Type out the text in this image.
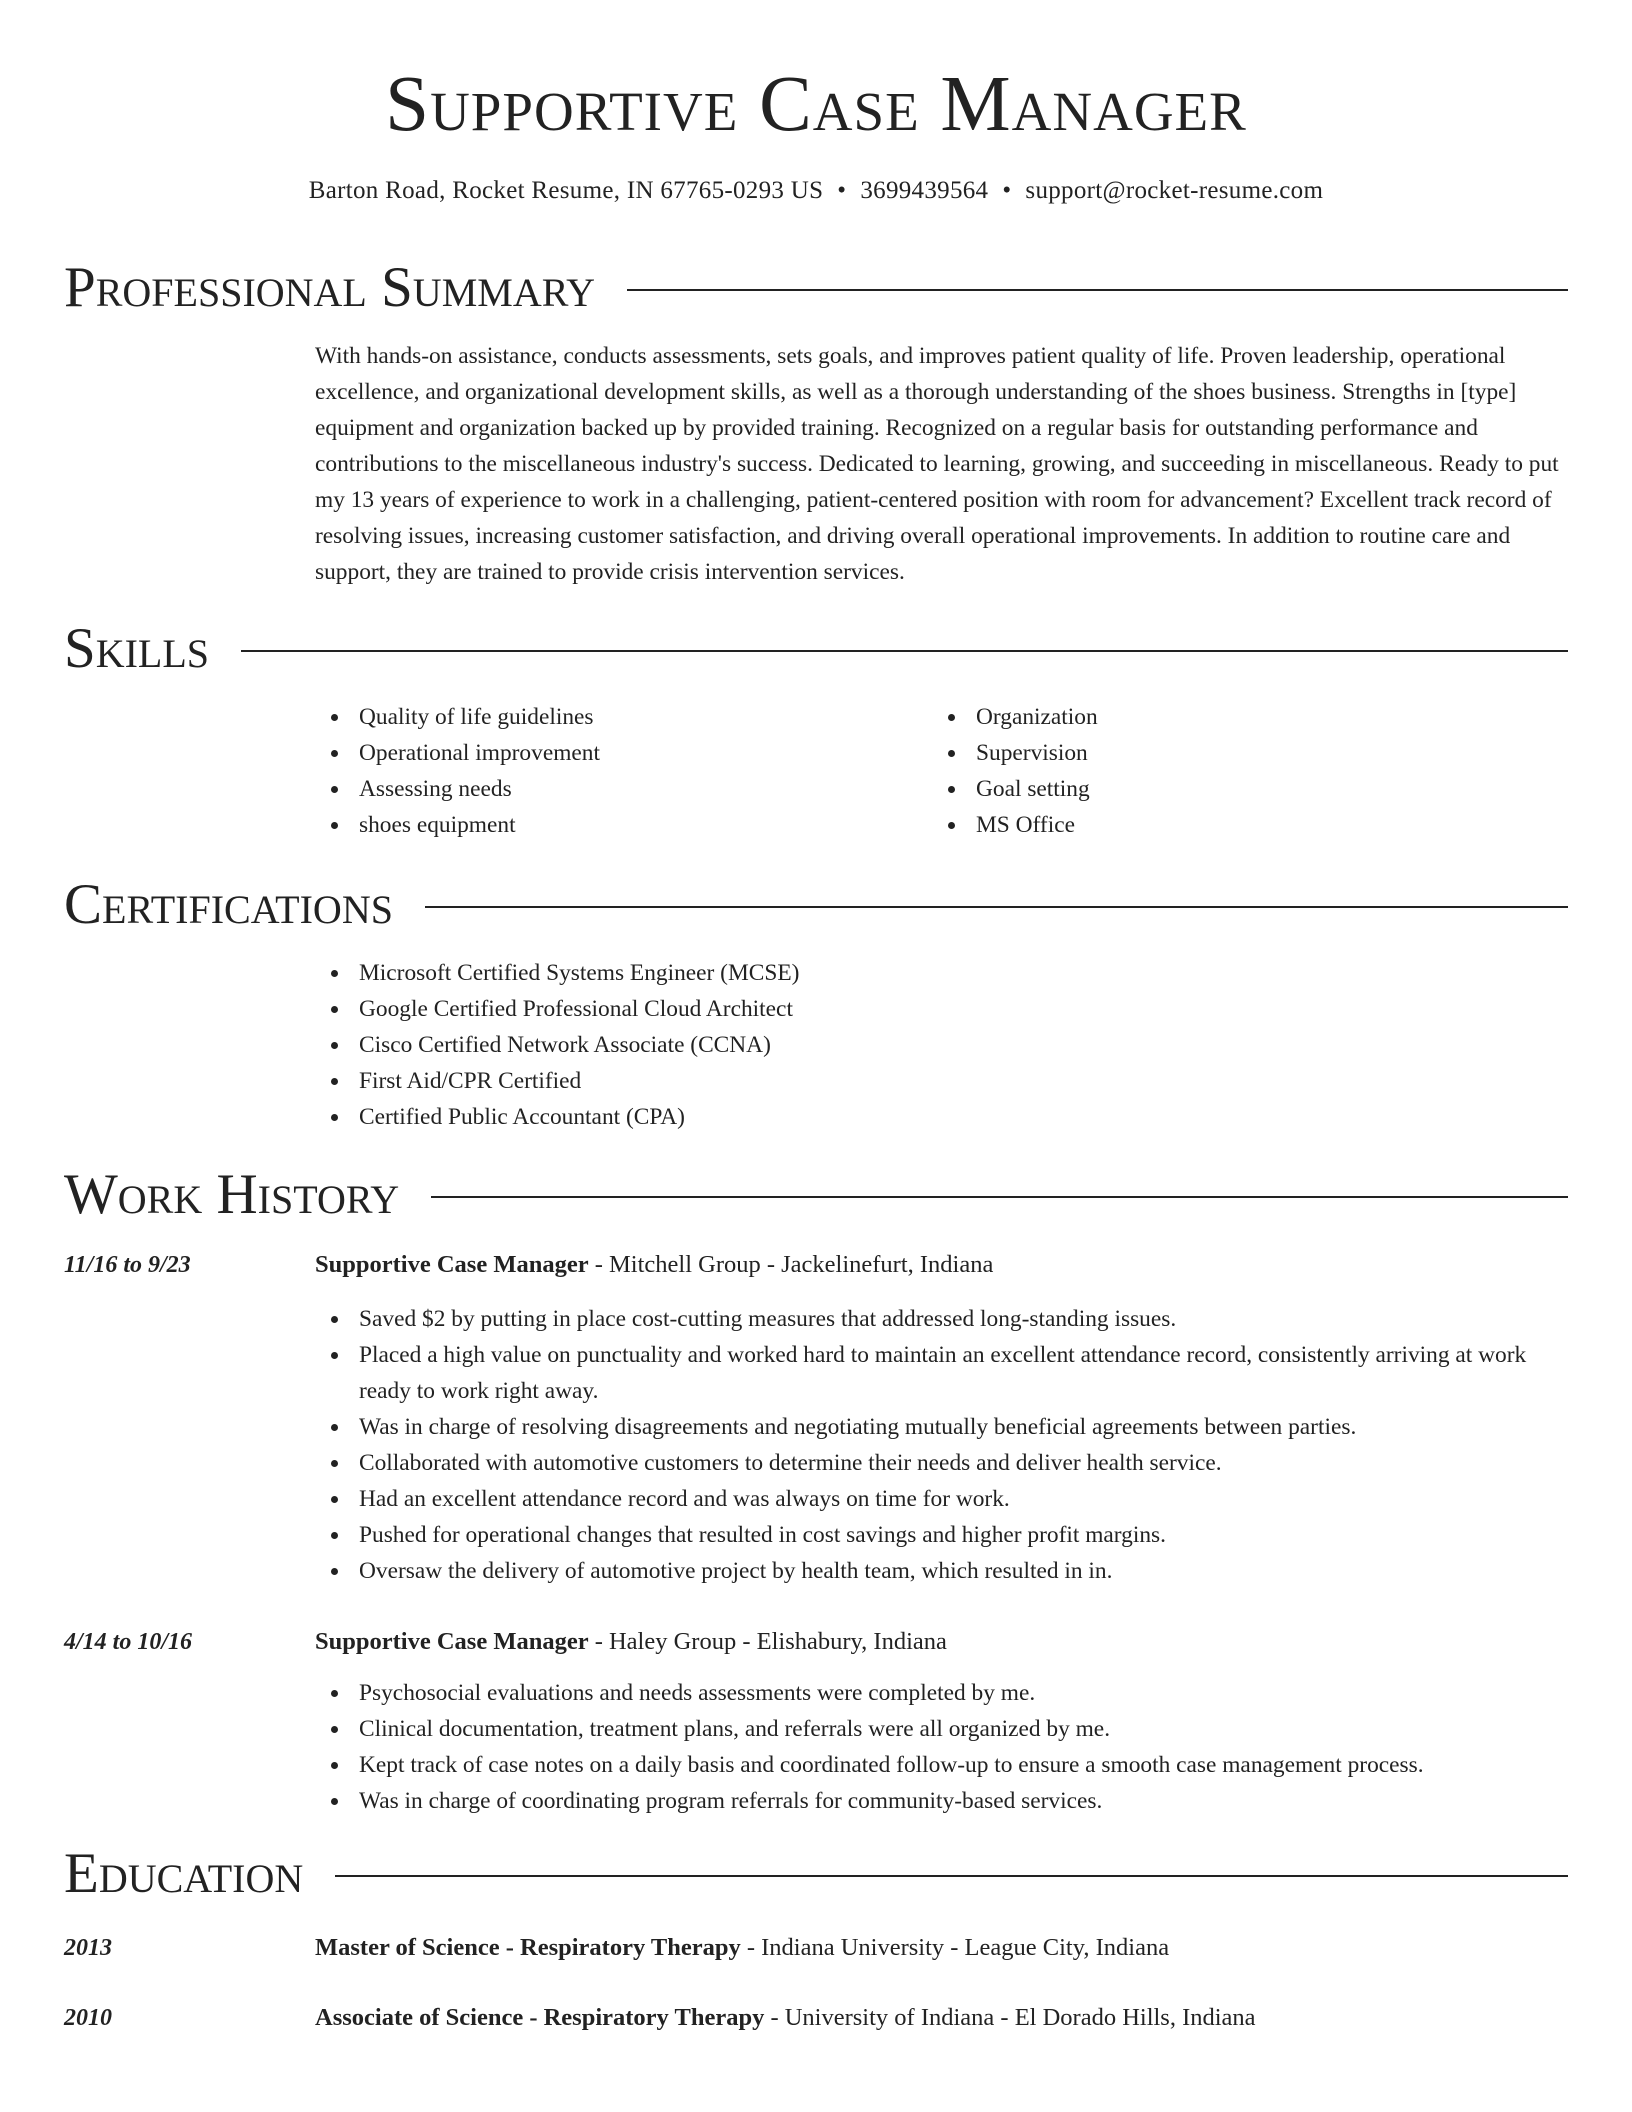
Supportive Case Manager
Barton Road, Rocket Resume, IN 67765-0293 US • 3699439564 • support@rocket-resume.com
Professional Summary

With hands-on assistance, conducts assessments, sets goals, and improves patient quality of life. Proven leadership, operational excellence, and organizational development skills, as well as a thorough understanding of the shoes business. Strengths in [type] equipment and organization backed up by provided training. Recognized on a regular basis for outstanding performance and contributions to the miscellaneous industry's success. Dedicated to learning, growing, and succeeding in miscellaneous. Ready to put my 13 years of experience to work in a challenging, patient-centered position with room for advancement? Excellent track record of resolving issues, increasing customer satisfaction, and driving overall operational improvements. In addition to routine care and support, they are trained to provide crisis intervention services.

Skills
Quality of life guidelines
Operational improvement
Assessing needs
shoes equipment
Organization
Supervision
Goal setting
MS Office
Certifications
Microsoft Certified Systems Engineer (MCSE)
Google Certified Professional Cloud Architect
Cisco Certified Network Associate (CCNA)
First Aid/CPR Certified
Certified Public Accountant (CPA)
Work History
11/16 to 9/23	Supportive Case Manager - Mitchell Group - Jackelinefurt, Indiana
Saved $2 by putting in place cost-cutting measures that addressed long-standing issues.
Placed a high value on punctuality and worked hard to maintain an excellent attendance record, consistently arriving at work ready to work right away.
Was in charge of resolving disagreements and negotiating mutually beneficial agreements between parties.
Collaborated with automotive customers to determine their needs and deliver health service.
Had an excellent attendance record and was always on time for work.
Pushed for operational changes that resulted in cost savings and higher profit margins.
Oversaw the delivery of automotive project by health team, which resulted in in.
4/14 to 10/16	Supportive Case Manager - Haley Group - Elishabury, Indiana
Psychosocial evaluations and needs assessments were completed by me.
Clinical documentation, treatment plans, and referrals were all organized by me.
Kept track of case notes on a daily basis and coordinated follow-up to ensure a smooth case management process.
Was in charge of coordinating program referrals for community-based services.
Education
2013	Master of Science - Respiratory Therapy - Indiana University - League City, Indiana
2010	Associate of Science - Respiratory Therapy - University of Indiana - El Dorado Hills, Indiana
